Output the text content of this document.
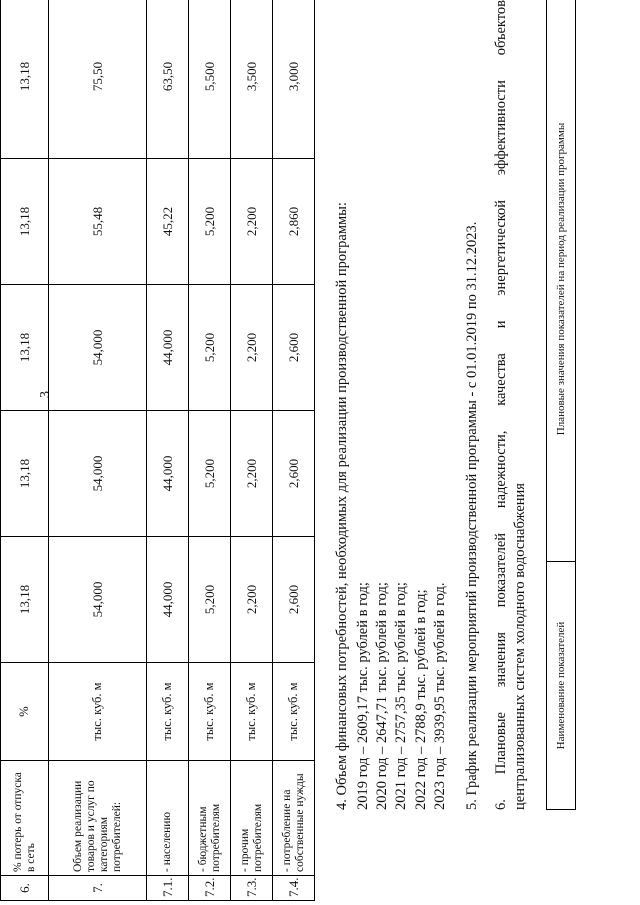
3
6.	% потерь от отпуска в сеть	%	13,18	13,18	13,18	13,18	13,18
7.	Объем реализации товаров и услуг по категориям потребителей:	тыс. куб. м	54,000	54,000	54,000	55,48	75,50
7.1.	- населению	тыс. куб. м	44,000	44,000	44,000	45,22	63,50
7.2.	- бюджетным потребителям	тыс. куб. м	5,200	5,200	5,200	5,200	5,500
7.3.	- прочим потребителям	тыс. куб. м	2,200	2,200	2,200	2,200	3,500
7.4.	- потребление на собственные нужды	тыс. куб. м	2,600	2,600	2,600	2,860	3,000
4. Объем финансовых потребностей, необходимых для реализации производственной программы: 2019 год – 2609,17 тыс. рублей в год; 2020 год – 2647,71 тыс. рублей в год; 2021 год – 2757,35 тыс. рублей в год; 2022 год – 2788,9 тыс. рублей в год; 2023 год – 3939,95 тыс. рублей в год. 5. График реализации мероприятий производственной программы - с 01.01.2019 по 31.12.2023. 6. Плановые значения показателей надежности, качества и энергетической эффективности объектов централизованных систем холодного водоснабжения Наименование показателей	Плановые значения показателей на период реализации программы
